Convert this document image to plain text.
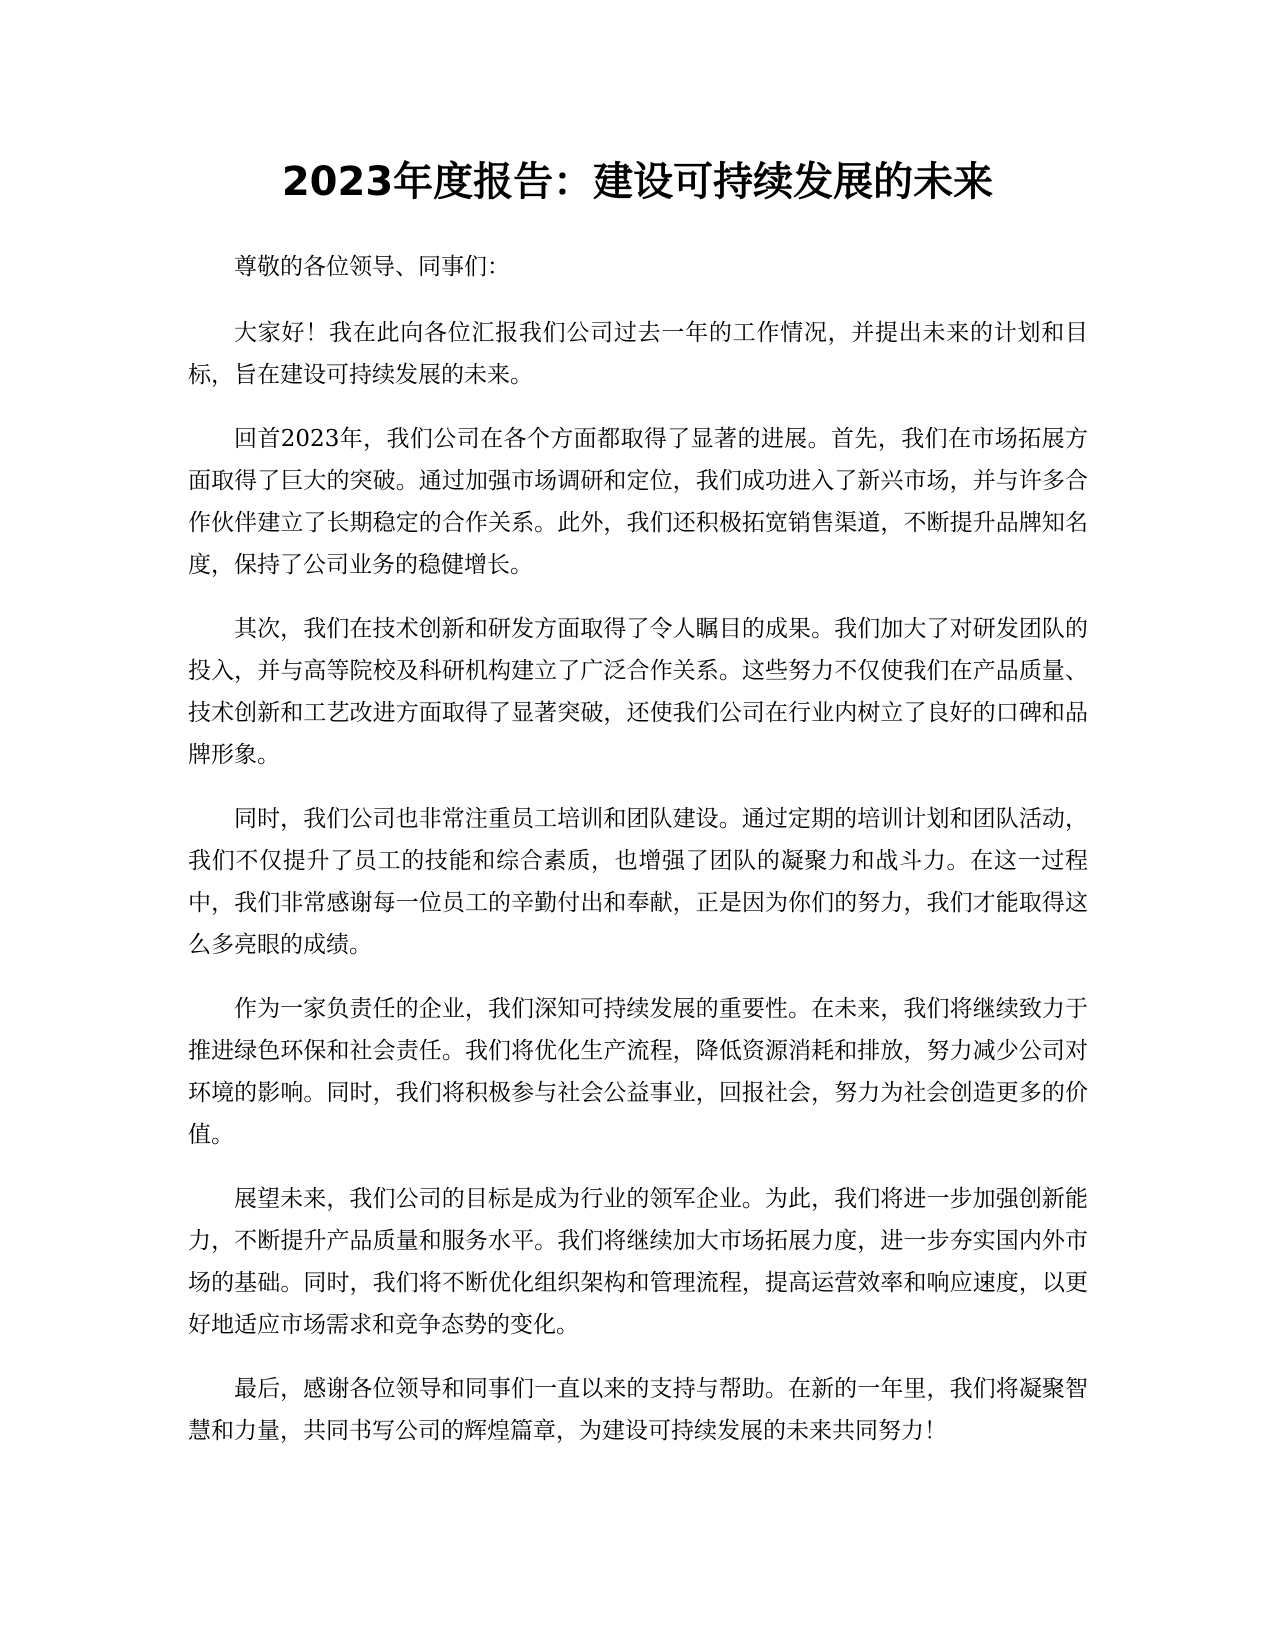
2023年度报告：建设可持续发展的未来

尊敬的各位领导、同事们：

大家好！我在此向各位汇报我们公司过去一年的工作情况，并提出未来的计划和目标，旨在建设可持续发展的未来。

回首2023年，我们公司在各个方面都取得了显著的进展。首先，我们在市场拓展方面取得了巨大的突破。通过加强市场调研和定位，我们成功进入了新兴市场，并与许多合作伙伴建立了长期稳定的合作关系。此外，我们还积极拓宽销售渠道，不断提升品牌知名度，保持了公司业务的稳健增长。

其次，我们在技术创新和研发方面取得了令人瞩目的成果。我们加大了对研发团队的投入，并与高等院校及科研机构建立了广泛合作关系。这些努力不仅使我们在产品质量、技术创新和工艺改进方面取得了显著突破，还使我们公司在行业内树立了良好的口碑和品牌形象。

同时，我们公司也非常注重员工培训和团队建设。通过定期的培训计划和团队活动，我们不仅提升了员工的技能和综合素质，也增强了团队的凝聚力和战斗力。在这一过程中，我们非常感谢每一位员工的辛勤付出和奉献，正是因为你们的努力，我们才能取得这么多亮眼的成绩。

作为一家负责任的企业，我们深知可持续发展的重要性。在未来，我们将继续致力于推进绿色环保和社会责任。我们将优化生产流程，降低资源消耗和排放，努力减少公司对环境的影响。同时，我们将积极参与社会公益事业，回报社会，努力为社会创造更多的价值。

展望未来，我们公司的目标是成为行业的领军企业。为此，我们将进一步加强创新能力，不断提升产品质量和服务水平。我们将继续加大市场拓展力度，进一步夯实国内外市场的基础。同时，我们将不断优化组织架构和管理流程，提高运营效率和响应速度，以更好地适应市场需求和竞争态势的变化。

最后，感谢各位领导和同事们一直以来的支持与帮助。在新的一年里，我们将凝聚智慧和力量，共同书写公司的辉煌篇章，为建设可持续发展的未来共同努力！
